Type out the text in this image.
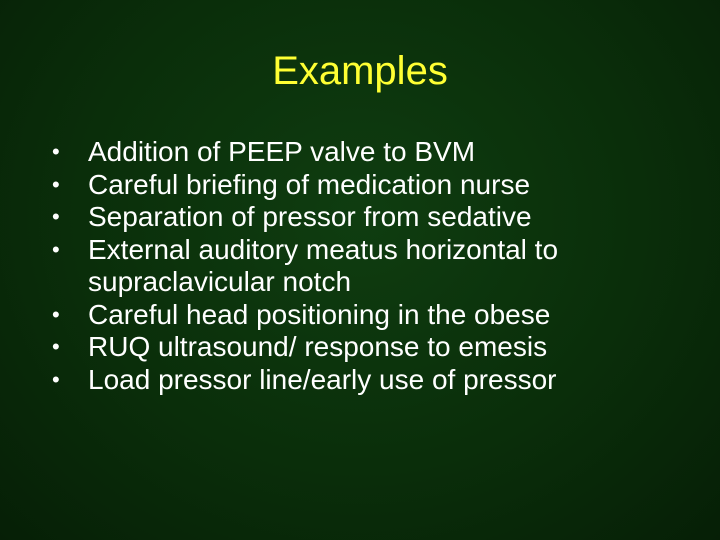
Examples
•	Addition of PEEP valve to BVM
•	Careful briefing of medication nurse
•	Separation of pressor from sedative
•	External auditory meatus horizontal to supraclavicular notch
•	Careful head positioning in the obese
•	RUQ ultrasound/ response to emesis
•	Load pressor line/early use of pressor
